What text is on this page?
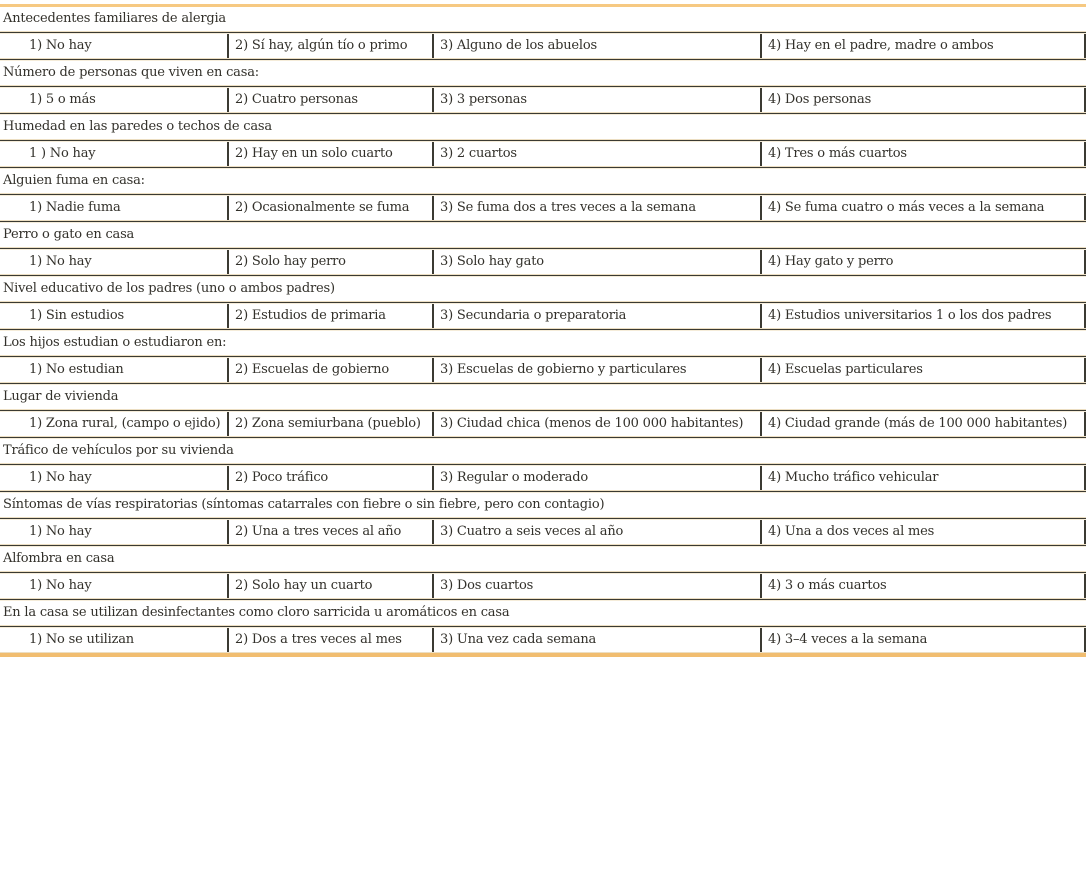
Antecedentes familiares de alergia
1) No hay	2) Sí hay, algún tío o primo	3) Alguno de los abuelos	4) Hay en el padre, madre o ambos
Número de personas que viven en casa:
1) 5 o más	2) Cuatro personas	3) 3 personas	4) Dos personas
Humedad en las paredes o techos de casa
1 ) No hay	2) Hay en un solo cuarto	3) 2 cuartos	4) Tres o más cuartos
Alguien fuma en casa:
1) Nadie fuma	2) Ocasionalmente se fuma	3) Se fuma dos a tres veces a la semana	4) Se fuma cuatro o más veces a la semana
Perro o gato en casa
1) No hay	2) Solo hay perro	3) Solo hay gato	4) Hay gato y perro
Nivel educativo de los padres (uno o ambos padres)
1) Sin estudios	2) Estudios de primaria	3) Secundaria o preparatoria	4) Estudios universitarios 1 o los dos padres
Los hijos estudian o estudiaron en:
1) No estudian	2) Escuelas de gobierno	3) Escuelas de gobierno y particulares	4) Escuelas particulares
Lugar de vivienda
1) Zona rural, (campo o ejido)	2) Zona semiurbana (pueblo)	3) Ciudad chica (menos de 100 000 habitantes)	4) Ciudad grande (más de 100 000 habitantes)
Tráfico de vehículos por su vivienda
1) No hay	2) Poco tráfico	3) Regular o moderado	4) Mucho tráfico vehicular
Síntomas de vías respiratorias (síntomas catarrales con fiebre o sin fiebre, pero con contagio)
1) No hay	2) Una a tres veces al año	3) Cuatro a seis veces al año	4) Una a dos veces al mes
Alfombra en casa
1) No hay	2) Solo hay un cuarto	3) Dos cuartos	4) 3 o más cuartos
En la casa se utilizan desinfectantes como cloro sarricida u aromáticos en casa
1) No se utilizan	2) Dos a tres veces al mes	3) Una vez cada semana	4) 3–4 veces a la semana
